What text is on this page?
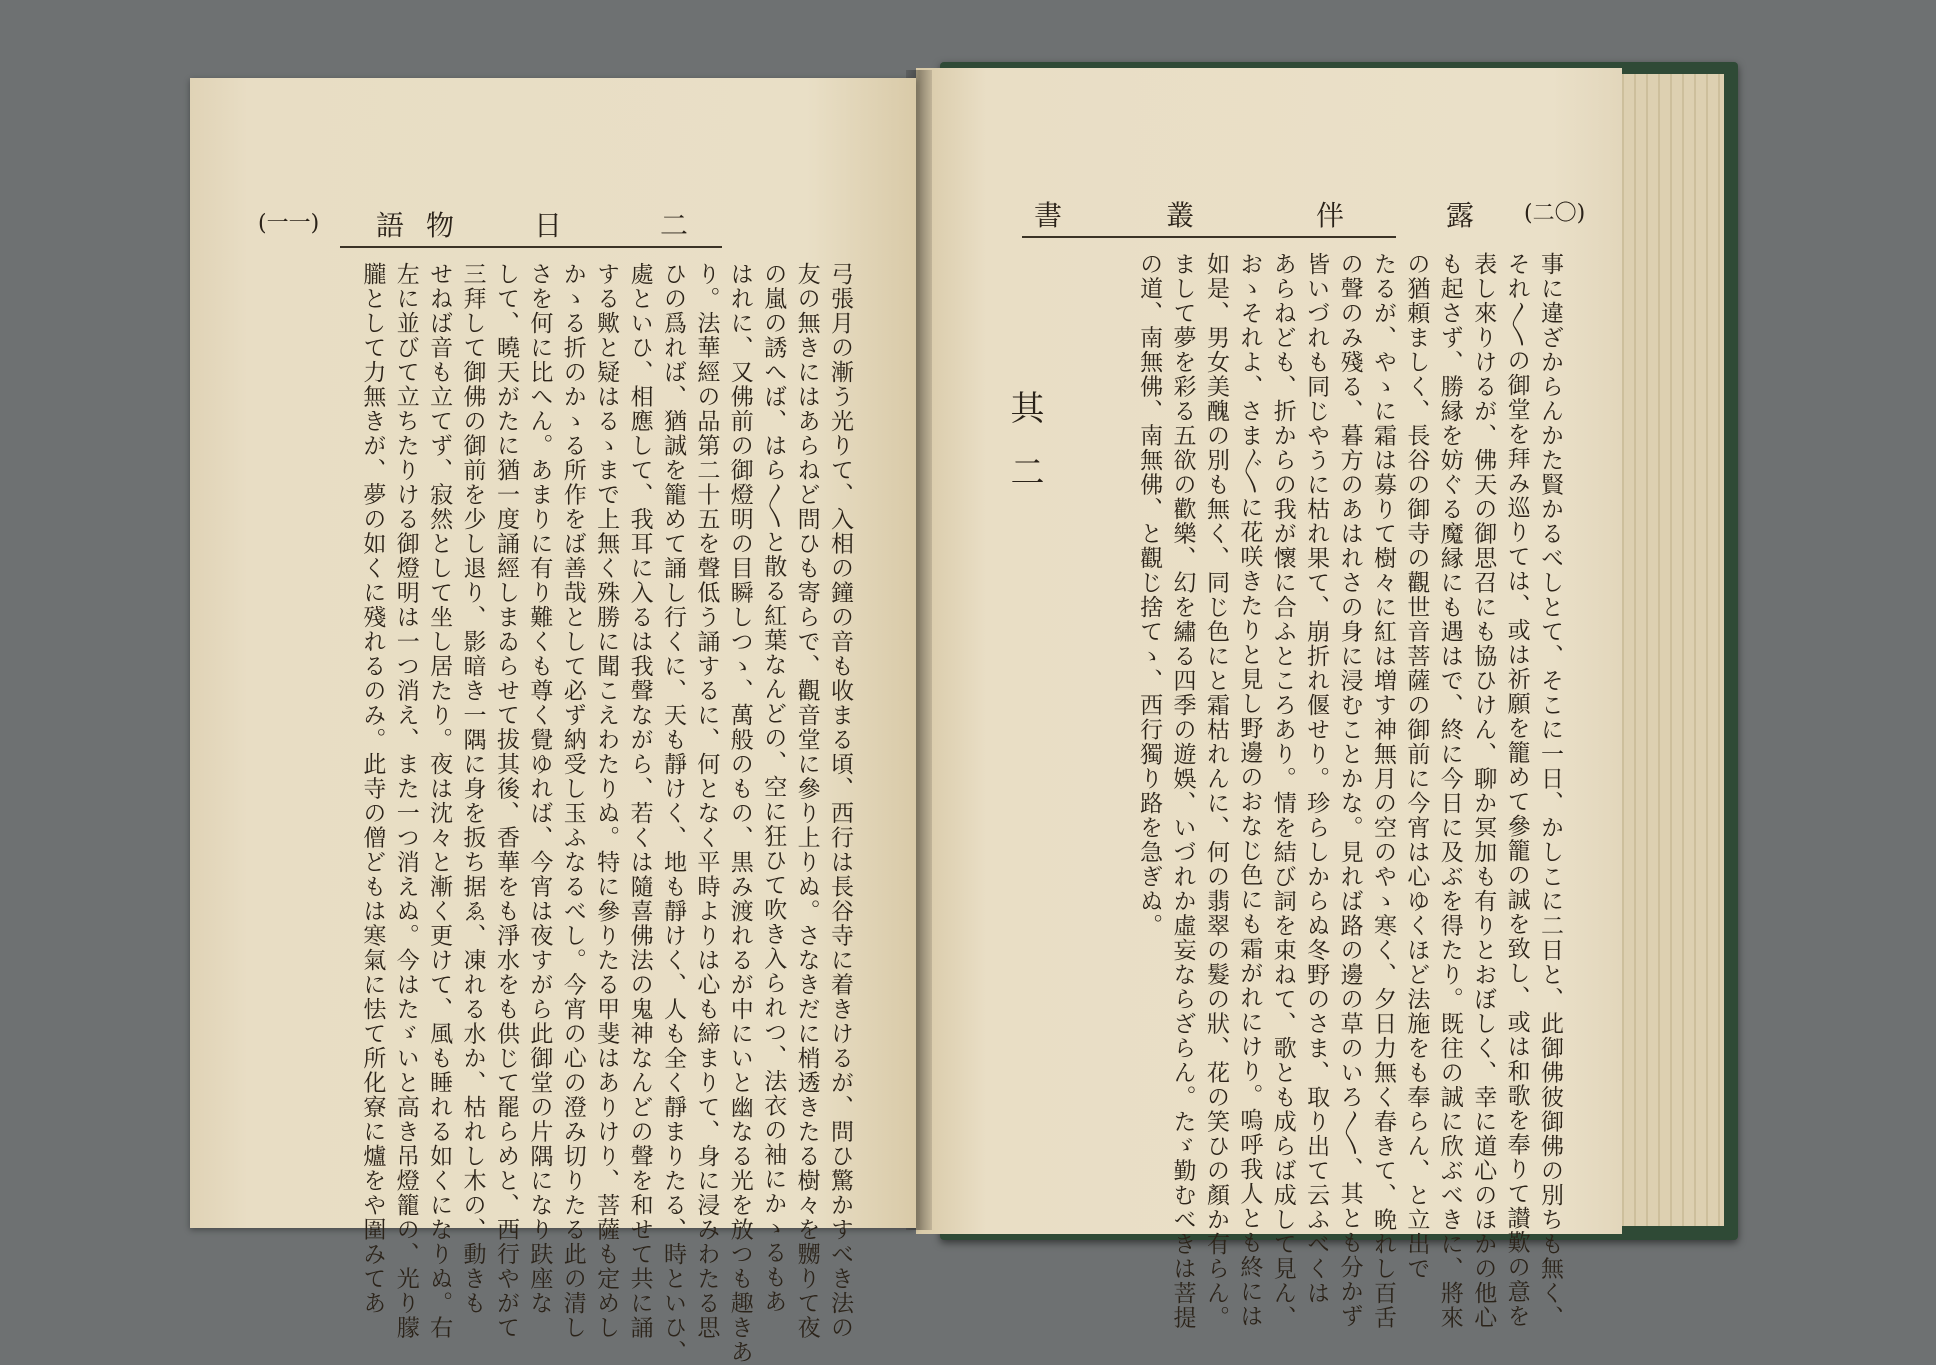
(二〇)
露
伴
叢
書
其二	事に違ざからんかた賢かるべしとて、そこに一日、かしこに二日と、此御佛彼御佛の別ちも無く、
それ〳〵の御堂を拜み巡りては、或は祈願を籠めて參籠の誠を致し、或は和歌を奉りて讃歎の意を
表し來りけるが、佛天の御思召にも協ひけん、聊か冥加も有りとおぼしく、幸に道心のほかの他心
も起さず、勝縁を妨ぐる魔縁にも遇はで、終に今日に及ぶを得たり。既往の誠に欣ぶべきに、將來
の猶頼ましく、長谷の御寺の觀世音菩薩の御前に今宵は心ゆくほど法施をも奉らん、と立出で
たるが、やゝに霜は募りて樹々に紅は増す神無月の空のやゝ寒く、夕日力無く春きて、晩れし百舌
の聲のみ殘る、暮方のあはれさの身に浸むことかな。見れば路の邊の草のいろ〳〵、其とも分かず
皆いづれも同じやうに枯れ果て、崩折れ偃せり。珍らしからぬ冬野のさま、取り出て云ふべくは
あらねども、折からの我が懷に合ふところあり。情を結び詞を束ねて、歌とも成らば成して見ん、
おゝそれよ、さま〴〵に花咲きたりと見し野邊のおなじ色にも霜がれにけり。嗚呼我人とも終には
如是、男女美醜の別も無く、同じ色にと霜枯れんに、何の翡翠の髮の狀、花の笑ひの顏か有らん。
まして夢を彩る五欲の歡樂、幻を繡る四季の遊娛、いづれか虛妄ならざらん。たゞ勤むべきは菩提
の道、南無佛、南無佛、と觀じ捨てゝ、西行獨り路を急ぎぬ。
(一一)	二
日
物
語
弓張月の漸う光りて、入相の鐘の音も收まる頃、西行は長谷寺に着きけるが、問ひ驚かすべき法の
友の無きにはあらねど問ひも寄らで、觀音堂に參り上りぬ。さなきだに梢透きたる樹々を嬲りて夜
の嵐の誘へば、はら〳〵と散る紅葉なんどの、空に狂ひて吹き入られつ、法衣の袖にかゝるもあ
はれに、又佛前の御燈明の目瞬しつゝ、萬般のもの、黒み渡れるが中にいと幽なる光を放つも趣きあ
り。法華經の品第二十五を聲低う誦するに、何となく平時よりは心も締まりて、身に浸みわたる思
ひの爲れば、猶誠を籠めて誦し行くに、天も靜けく、地も靜けく、人も全く靜まりたる、時といひ、
處といひ、相應して、我耳に入るは我聲ながら、若くは隨喜佛法の鬼神なんどの聲を和せて共に誦
する歟と疑はるゝまで上無く殊勝に聞こえわたりぬ。特に參りたる甲斐はありけり、菩薩も定めし
かゝる折のかゝる所作をば善哉として必ず納受し玉ふなるべし。今宵の心の澄み切りたる此の清し
さを何に比へん。あまりに有り難くも尊く覺ゆれば、今宵は夜すがら此御堂の片隅になり趺座な
して、曉天がたに猶一度誦經しまゐらせて拔其後、香華をも淨水をも供じて罷らめと、西行やがて
三拜して御佛の御前を少し退り、影暗き一隅に身を扳ち据ゑ、凍れる水か、枯れし木の、動きも
せねば音も立てず、寂然として坐し居たり。夜は沈々と漸く更けて、風も睡れる如くになりぬ。右
左に並びて立ちたりける御燈明は一つ消え、また一つ消えぬ。今はたゞいと高き吊燈籠の、光り朦
朧として力無きが、夢の如くに殘れるのみ。此寺の僧どもは寒氣に怯て所化寮に爐をや圍みてあ
